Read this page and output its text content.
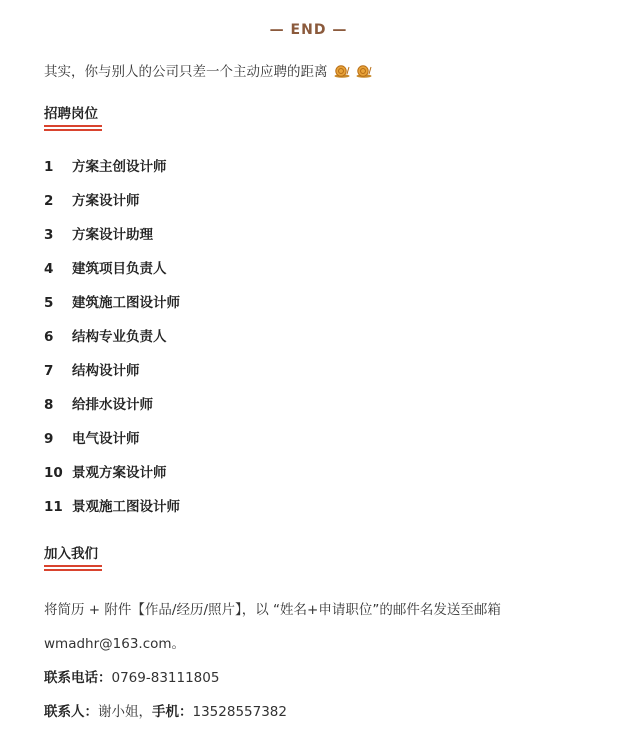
— END —
其实，你与别人的公司只差一个主动应聘的距离
招聘岗位
1 方案主创设计师
2 方案设计师
3 方案设计助理
4 建筑项目负责人
5 建筑施工图设计师
6 结构专业负责人
7 结构设计师
8 给排水设计师
9 电气设计师
10 景观方案设计师
11 景观施工图设计师
加入我们
将简历 + 附件【作品/经历/照片】，以 “姓名+申请职位”的邮件名发送至邮箱
wmadhr@163.com。
联系电话：0769-83111805
联系人：谢小姐，手机：13528557382
